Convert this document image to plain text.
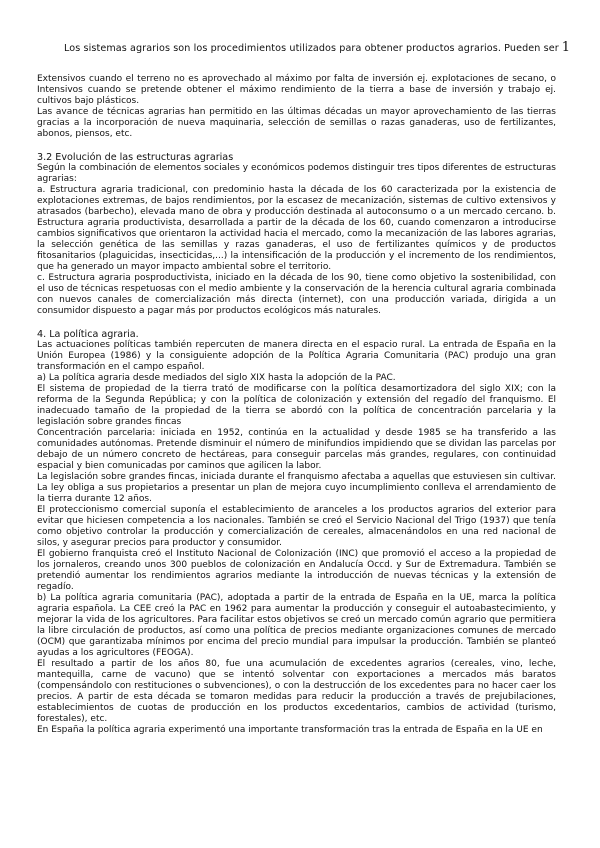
Los sistemas agrarios son los procedimientos utilizados para obtener productos agrarios. Pueden ser 1

Extensivos cuando el terreno no es aprovechado al máximo por falta de inversión ej. explotaciones de secano, o Intensivos cuando se pretende obtener el máximo rendimiento de la tierra a base de inversión y trabajo ej. cultivos bajo plásticos.

Las avance de técnicas agrarias han permitido en las últimas décadas un mayor aprovechamiento de las tierras gracias a la incorporación de nueva maquinaria, selección de semillas o razas ganaderas, uso de fertilizantes, abonos, piensos, etc.

3.2 Evolución de las estructuras agrarias

Según la combinación de elementos sociales y económicos podemos distinguir tres tipos diferentes de estructuras agrarias:

a. Estructura agraria tradicional, con predominio hasta la década de los 60 caracterizada por la existencia de explotaciones extremas, de bajos rendimientos, por la escasez de mecanización, sistemas de cultivo extensivos y atrasados (barbecho), elevada mano de obra y producción destinada al autoconsumo o a un mercado cercano. b. Estructura agraria productivista, desarrollada a partir de la década de los 60, cuando comenzaron a introducirse cambios significativos que orientaron la actividad hacia el mercado, como la mecanización de las labores agrarias, la selección genética de las semillas y razas ganaderas, el uso de fertilizantes químicos y de productos fitosanitarios (plaguicidas, insecticidas,...) la intensificación de la producción y el incremento de los rendimientos, que ha generado un mayor impacto ambiental sobre el territorio.

c. Estructura agraria posproductivista, iniciado en la década de los 90, tiene como objetivo la sostenibilidad, con el uso de técnicas respetuosas con el medio ambiente y la conservación de la herencia cultural agraria combinada con nuevos canales de comercialización más directa (internet), con una producción variada, dirigida a un consumidor dispuesto a pagar más por productos ecológicos más naturales.

4. La política agraria.

Las actuaciones políticas también repercuten de manera directa en el espacio rural. La entrada de España en la Unión Europea (1986) y la consiguiente adopción de la Política Agraria Comunitaria (PAC) produjo una gran transformación en el campo español.

a) La política agraria desde mediados del siglo XIX hasta la adopción de la PAC.

El sistema de propiedad de la tierra trató de modificarse con la política desamortizadora del siglo XIX; con la reforma de la Segunda República; y con la política de colonización y extensión del regadío del franquismo. El inadecuado tamaño de la propiedad de la tierra se abordó con la política de concentración parcelaria y la legislación sobre grandes fincas

Concentración parcelaria: iniciada en 1952, continúa en la actualidad y desde 1985 se ha transferido a las comunidades autónomas. Pretende disminuir el número de minifundios impidiendo que se dividan las parcelas por debajo de un número concreto de hectáreas, para conseguir parcelas más grandes, regulares, con continuidad espacial y bien comunicadas por caminos que agilicen la labor.

La legislación sobre grandes fincas, iniciada durante el franquismo afectaba a aquellas que estuviesen sin cultivar. La ley obliga a sus propietarios a presentar un plan de mejora cuyo incumplimiento conlleva el arrendamiento de la tierra durante 12 años.

El proteccionismo comercial suponía el establecimiento de aranceles a los productos agrarios del exterior para evitar que hiciesen competencia a los nacionales. También se creó el Servicio Nacional del Trigo (1937) que tenía como objetivo controlar la producción y comercialización de cereales, almacenándolos en una red nacional de silos, y asegurar precios para productor y consumidor.

El gobierno franquista creó el Instituto Nacional de Colonización (INC) que promovió el acceso a la propiedad de los jornaleros, creando unos 300 pueblos de colonización en Andalucía Occd. y Sur de Extremadura. También se pretendió aumentar los rendimientos agrarios mediante la introducción de nuevas técnicas y la extensión de regadío.

b) La política agraria comunitaria (PAC), adoptada a partir de la entrada de España en la UE, marca la política agraria española. La CEE creó la PAC en 1962 para aumentar la producción y conseguir el autoabastecimiento, y mejorar la vida de los agricultores. Para facilitar estos objetivos se creó un mercado común agrario que permitiera la libre circulación de productos, así como una política de precios mediante organizaciones comunes de mercado (OCM) que garantizaba mínimos por encima del precio mundial para impulsar la producción. También se planteó ayudas a los agricultores (FEOGA).

El resultado a partir de los años 80, fue una acumulación de excedentes agrarios (cereales, vino, leche, mantequilla, carne de vacuno) que se intentó solventar con exportaciones a mercados más baratos (compensándolo con restituciones o subvenciones), o con la destrucción de los excedentes para no hacer caer los precios. A partir de esta década se tomaron medidas para reducir la producción a través de prejubilaciones, establecimientos de cuotas de producción en los productos excedentarios, cambios de actividad (turismo, forestales), etc.

En España la política agraria experimentó una importante transformación tras la entrada de España en la UE en
